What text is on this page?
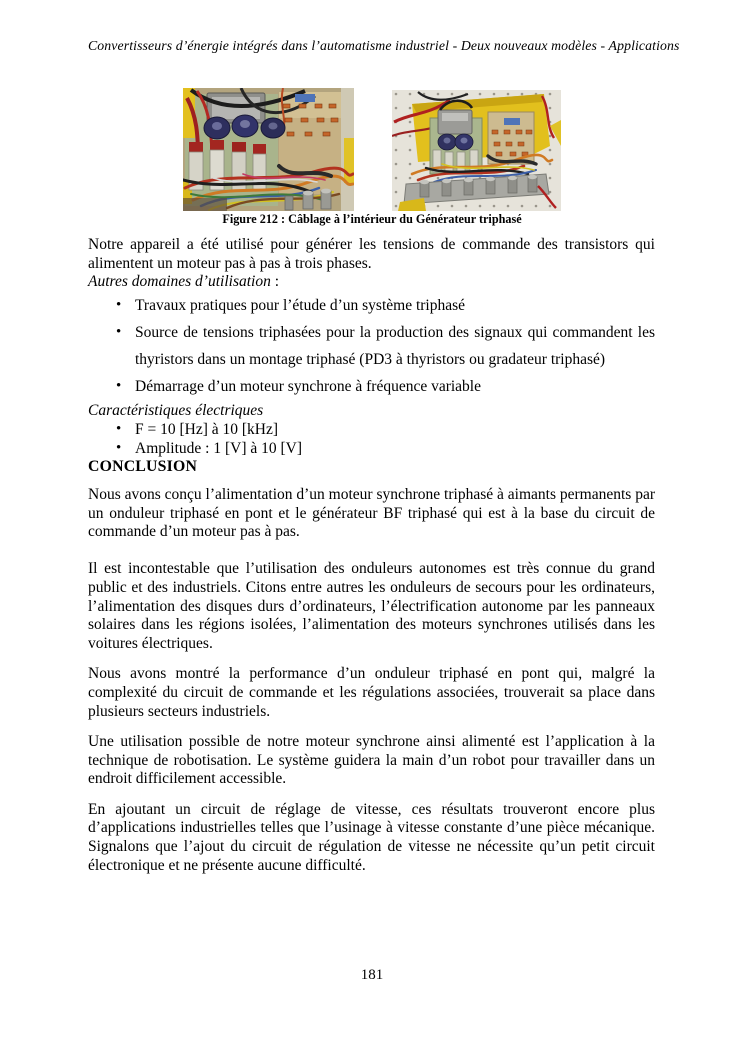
Convertisseurs d’énergie intégrés dans l’automatisme industriel - Deux nouveaux modèles - Applications
Figure 212 : Câblage à l’intérieur du Générateur triphasé

Notre appareil a été utilisé pour générer les tensions de commande des transistors qui alimentent un moteur pas à pas à trois phases.

Autres domaines d’utilisation :

• Travaux pratiques pour l’étude d’un système triphasé
• Source de tensions triphasées pour la production des signaux qui commandent les thyristors dans un montage triphasé (PD3 à thyristors ou gradateur triphasé)
• Démarrage d’un moteur synchrone à fréquence variable

Caractéristiques électriques

• F = 10 [Hz] à 10 [kHz]
• Amplitude : 1 [V] à 10 [V]

CONCLUSION

Nous avons conçu l’alimentation d’un moteur synchrone triphasé à aimants permanents par un onduleur triphasé en pont et le générateur BF triphasé qui est à la base du circuit de commande d’un moteur pas à pas.

Il est incontestable que l’utilisation des onduleurs autonomes est très connue du grand public et des industriels. Citons entre autres les onduleurs de secours pour les ordinateurs, l’alimentation des disques durs d’ordinateurs, l’électrification autonome par les panneaux solaires dans les régions isolées, l’alimentation des moteurs synchrones utilisés dans les voitures électriques.

Nous avons montré la performance d’un onduleur triphasé en pont qui, malgré la complexité du circuit de commande et les régulations associées, trouverait sa place dans plusieurs secteurs industriels.

Une utilisation possible de notre moteur synchrone ainsi alimenté est l’application à la technique de robotisation. Le système guidera la main d’un robot pour travailler dans un endroit difficilement accessible.

En ajoutant un circuit de réglage de vitesse, ces résultats trouveront encore plus d’applications industrielles telles que l’usinage à vitesse constante d’une pièce mécanique. Signalons que l’ajout du circuit de régulation de vitesse ne nécessite qu’un petit circuit électronique et ne présente aucune difficulté.

181
